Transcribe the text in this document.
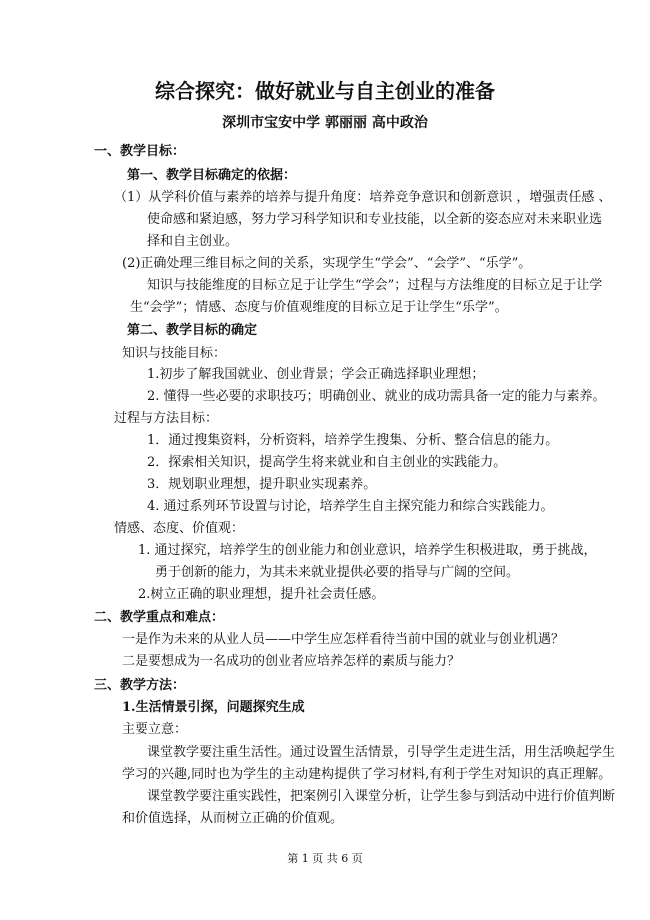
综合探究：做好就业与自主创业的准备
深圳市宝安中学 郭丽丽 高中政治
一、教学目标：
第一、教学目标确定的依据：
（1）从学科价值与素养的培养与提升角度：培养竞争意识和创新意识 ，增强责任感 、
使命感和紧迫感，努力学习科学知识和专业技能，以全新的姿态应对未来职业选
择和自主创业。
(2)正确处理三维目标之间的关系，实现学生“学会”、“会学”、“乐学”。
知识与技能维度的目标立足于让学生“学会”；过程与方法维度的目标立足于让学
生“会学”；情感、态度与价值观维度的目标立足于让学生“乐学”。
第二、教学目标的确定
知识与技能目标：
1.初步了解我国就业、创业背景；学会正确选择职业理想；
2. 懂得一些必要的求职技巧；明确创业、就业的成功需具备一定的能力与素养。
过程与方法目标：
1．通过搜集资料，分析资料，培养学生搜集、分析、整合信息的能力。
2．探索相关知识，提高学生将来就业和自主创业的实践能力。
3．规划职业理想，提升职业实现素养。
4. 通过系列环节设置与讨论，培养学生自主探究能力和综合实践能力。
情感、态度、价值观：
1. 通过探究，培养学生的创业能力和创业意识，培养学生积极进取，勇于挑战，
勇于创新的能力，为其未来就业提供必要的指导与广阔的空间。
2.树立正确的职业理想，提升社会责任感。
二、教学重点和难点：
一是作为未来的从业人员——中学生应怎样看待当前中国的就业与创业机遇？
二是要想成为一名成功的创业者应培养怎样的素质与能力？
三、教学方法：
1.生活情景引探，问题探究生成
主要立意：
课堂教学要注重生活性。通过设置生活情景，引导学生走进生活，用生活唤起学生
学习的兴趣,同时也为学生的主动建构提供了学习材料,有利于学生对知识的真正理解。
课堂教学要注重实践性，把案例引入课堂分析，让学生参与到活动中进行价值判断
和价值选择，从而树立正确的价值观。
第 1 页 共 6 页
